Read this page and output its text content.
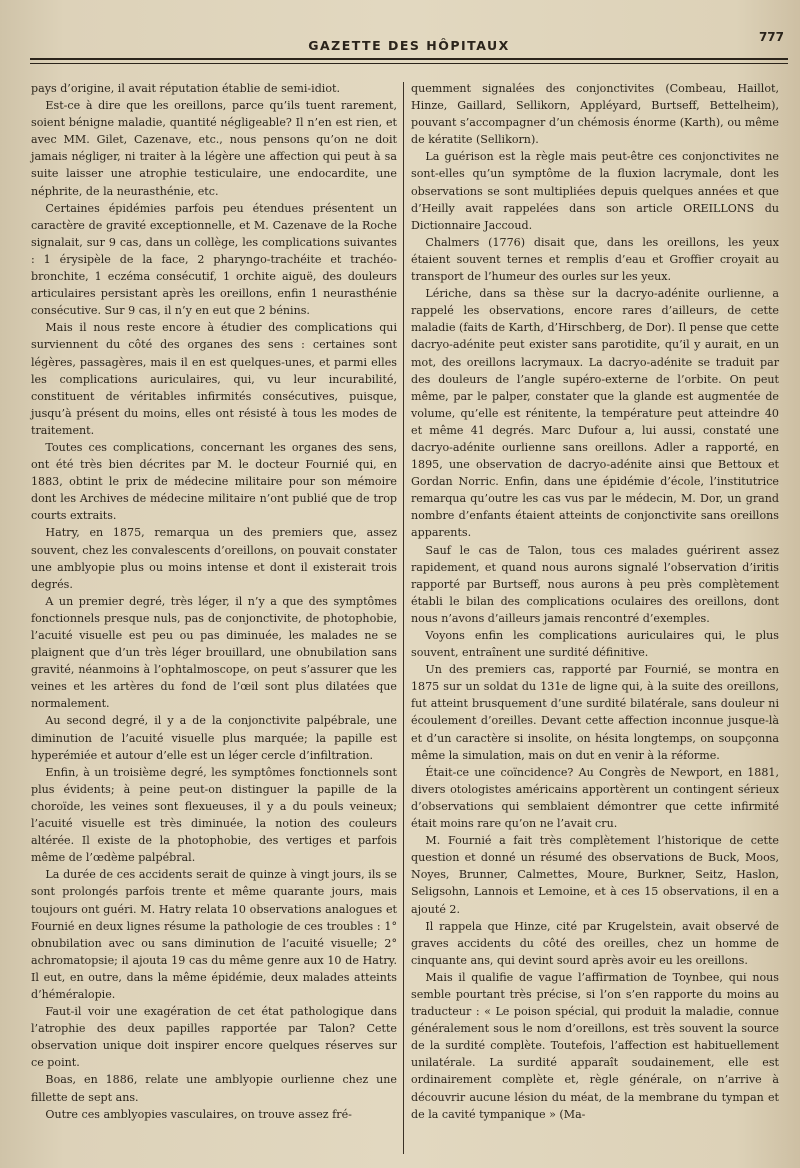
GAZETTE DES HÔPITAUX
777

pays d’origine, il avait réputation établie de semi-idiot.

Est-ce à dire que les oreillons, parce qu’ils tuent rarement, soient bénigne maladie, quantité négligeable? Il n’en est rien, et avec MM. Gilet, Cazenave, etc., nous pensons qu’on ne doit jamais négliger, ni traiter à la légère une affection qui peut à sa suite laisser une atrophie testiculaire, une endocardite, une néphrite, de la neurasthénie, etc.

Certaines épidémies parfois peu étendues présentent un caractère de gravité exceptionnelle, et M. Cazenave de la Roche signalait, sur 9 cas, dans un collège, les complications suivantes : 1 érysipèle de la face, 2 pharyngo-trachéite et trachéo-bronchite, 1 eczéma consécutif, 1 orchite aiguë, des douleurs articulaires persistant après les oreillons, enfin 1 neurasthénie consécutive. Sur 9 cas, il n’y en eut que 2 bénins.

Mais il nous reste encore à étudier des complications qui surviennent du côté des organes des sens : certaines sont légères, passagères, mais il en est quelques-unes, et parmi elles les complications auriculaires, qui, vu leur incurabilité, constituent de véritables infirmités consécutives, puisque, jusqu’à présent du moins, elles ont résisté à tous les modes de traitement.

Toutes ces complications, concernant les organes des sens, ont été très bien décrites par M. le docteur Fournié qui, en 1883, obtint le prix de médecine militaire pour son mémoire dont les Archives de médecine militaire n’ont publié que de trop courts extraits.

Hatry, en 1875, remarqua un des premiers que, assez souvent, chez les convalescents d’oreillons, on pouvait constater une amblyopie plus ou moins intense et dont il existerait trois degrés.

A un premier degré, très léger, il n’y a que des symptômes fonctionnels presque nuls, pas de conjonctivite, de photophobie, l’acuité visuelle est peu ou pas diminuée, les malades ne se plaignent que d’un très léger brouillard, une obnubilation sans gravité, néanmoins à l’ophtalmoscope, on peut s’assurer que les veines et les artères du fond de l’œil sont plus dilatées que normalement.

Au second degré, il y a de la conjonctivite palpébrale, une diminution de l’acuité visuelle plus marquée; la papille est hyperémiée et autour d’elle est un léger cercle d’infiltration.

Enfin, à un troisième degré, les symptômes fonctionnels sont plus évidents; à peine peut-on distinguer la papille de la choroïde, les veines sont flexueuses, il y a du pouls veineux; l’acuité visuelle est très diminuée, la notion des couleurs altérée. Il existe de la photophobie, des vertiges et parfois même de l’œdème palpébral.

La durée de ces accidents serait de quinze à vingt jours, ils se sont prolongés parfois trente et même quarante jours, mais toujours ont guéri. M. Hatry relata 10 observations analogues et Fournié en deux lignes résume la pathologie de ces troubles : 1° obnubilation avec ou sans diminution de l’acuité visuelle; 2° achromatopsie; il ajouta 19 cas du même genre aux 10 de Hatry. Il eut, en outre, dans la même épidémie, deux malades atteints d’héméralopie.

Faut-il voir une exagération de cet état pathologique dans l’atrophie des deux papilles rapportée par Talon? Cette observation unique doit inspirer encore quelques réserves sur ce point.

Boas, en 1886, relate une amblyopie ourlienne chez une fillette de sept ans.

Outre ces amblyopies vasculaires, on trouve assez fré-

quemment signalées des conjonctivites (Combeau, Haillot, Hinze, Gaillard, Sellikorn, Appléyard, Burtseff, Bettelheim), pouvant s’accompagner d’un chémosis énorme (Karth), ou même de kératite (Sellikorn).

La guérison est la règle mais peut-être ces conjonctivites ne sont-elles qu’un symptôme de la fluxion lacrymale, dont les observations se sont multipliées depuis quelques années et que d’Heilly avait rappelées dans son article OREILLONS du Dictionnaire Jaccoud.

Chalmers (1776) disait que, dans les oreillons, les yeux étaient souvent ternes et remplis d’eau et Groffier croyait au transport de l’humeur des ourles sur les yeux.

Lériche, dans sa thèse sur la dacryo-adénite ourlienne, a rappelé les observations, encore rares d’ailleurs, de cette maladie (faits de Karth, d’Hirschberg, de Dor). Il pense que cette dacryo-adénite peut exister sans parotidite, qu’il y aurait, en un mot, des oreillons lacrymaux. La dacryo-adénite se traduit par des douleurs de l’angle supéro-externe de l’orbite. On peut même, par le palper, constater que la glande est augmentée de volume, qu’elle est rénitente, la température peut atteindre 40 et même 41 degrés. Marc Dufour a, lui aussi, constaté une dacryo-adénite ourlienne sans oreillons. Adler a rapporté, en 1895, une observation de dacryo-adénite ainsi que Bettoux et Gordan Norric. Enfin, dans une épidémie d’école, l’institutrice remarqua qu’outre les cas vus par le médecin, M. Dor, un grand nombre d’enfants étaient atteints de conjonctivite sans oreillons apparents.

Sauf le cas de Talon, tous ces malades guérirent assez rapidement, et quand nous aurons signalé l’observation d’iritis rapporté par Burtseff, nous aurons à peu près complètement établi le bilan des complications oculaires des oreillons, dont nous n’avons d’ailleurs jamais rencontré d’exemples.

Voyons enfin les complications auriculaires qui, le plus souvent, entraînent une surdité définitive.

Un des premiers cas, rapporté par Fournié, se montra en 1875 sur un soldat du 131e de ligne qui, à la suite des oreillons, fut atteint brusquement d’une surdité bilatérale, sans douleur ni écoulement d’oreilles. Devant cette affection inconnue jusque-là et d’un caractère si insolite, on hésita longtemps, on soupçonna même la simulation, mais on dut en venir à la réforme.

Était-ce une coïncidence? Au Congrès de Newport, en 1881, divers otologistes américains apportèrent un contingent sérieux d’observations qui semblaient démontrer que cette infirmité était moins rare qu’on ne l’avait cru.

M. Fournié a fait très complètement l’historique de cette question et donné un résumé des observations de Buck, Moos, Noyes, Brunner, Calmettes, Moure, Burkner, Seitz, Haslon, Seligsohn, Lannois et Lemoine, et à ces 15 observations, il en a ajouté 2.

Il rappela que Hinze, cité par Krugelstein, avait observé de graves accidents du côté des oreilles, chez un homme de cinquante ans, qui devint sourd après avoir eu les oreillons.

Mais il qualifie de vague l’affirmation de Toynbee, qui nous semble pourtant très précise, si l’on s’en rapporte du moins au traducteur : « Le poison spécial, qui produit la maladie, connue généralement sous le nom d’oreillons, est très souvent la source de la surdité complète. Toutefois, l’affection est habituellement unilatérale. La surdité apparaît soudainement, elle est ordinairement complète et, règle générale, on n’arrive à découvrir aucune lésion du méat, de la membrane du tympan et de la cavité tympanique » (Ma-
